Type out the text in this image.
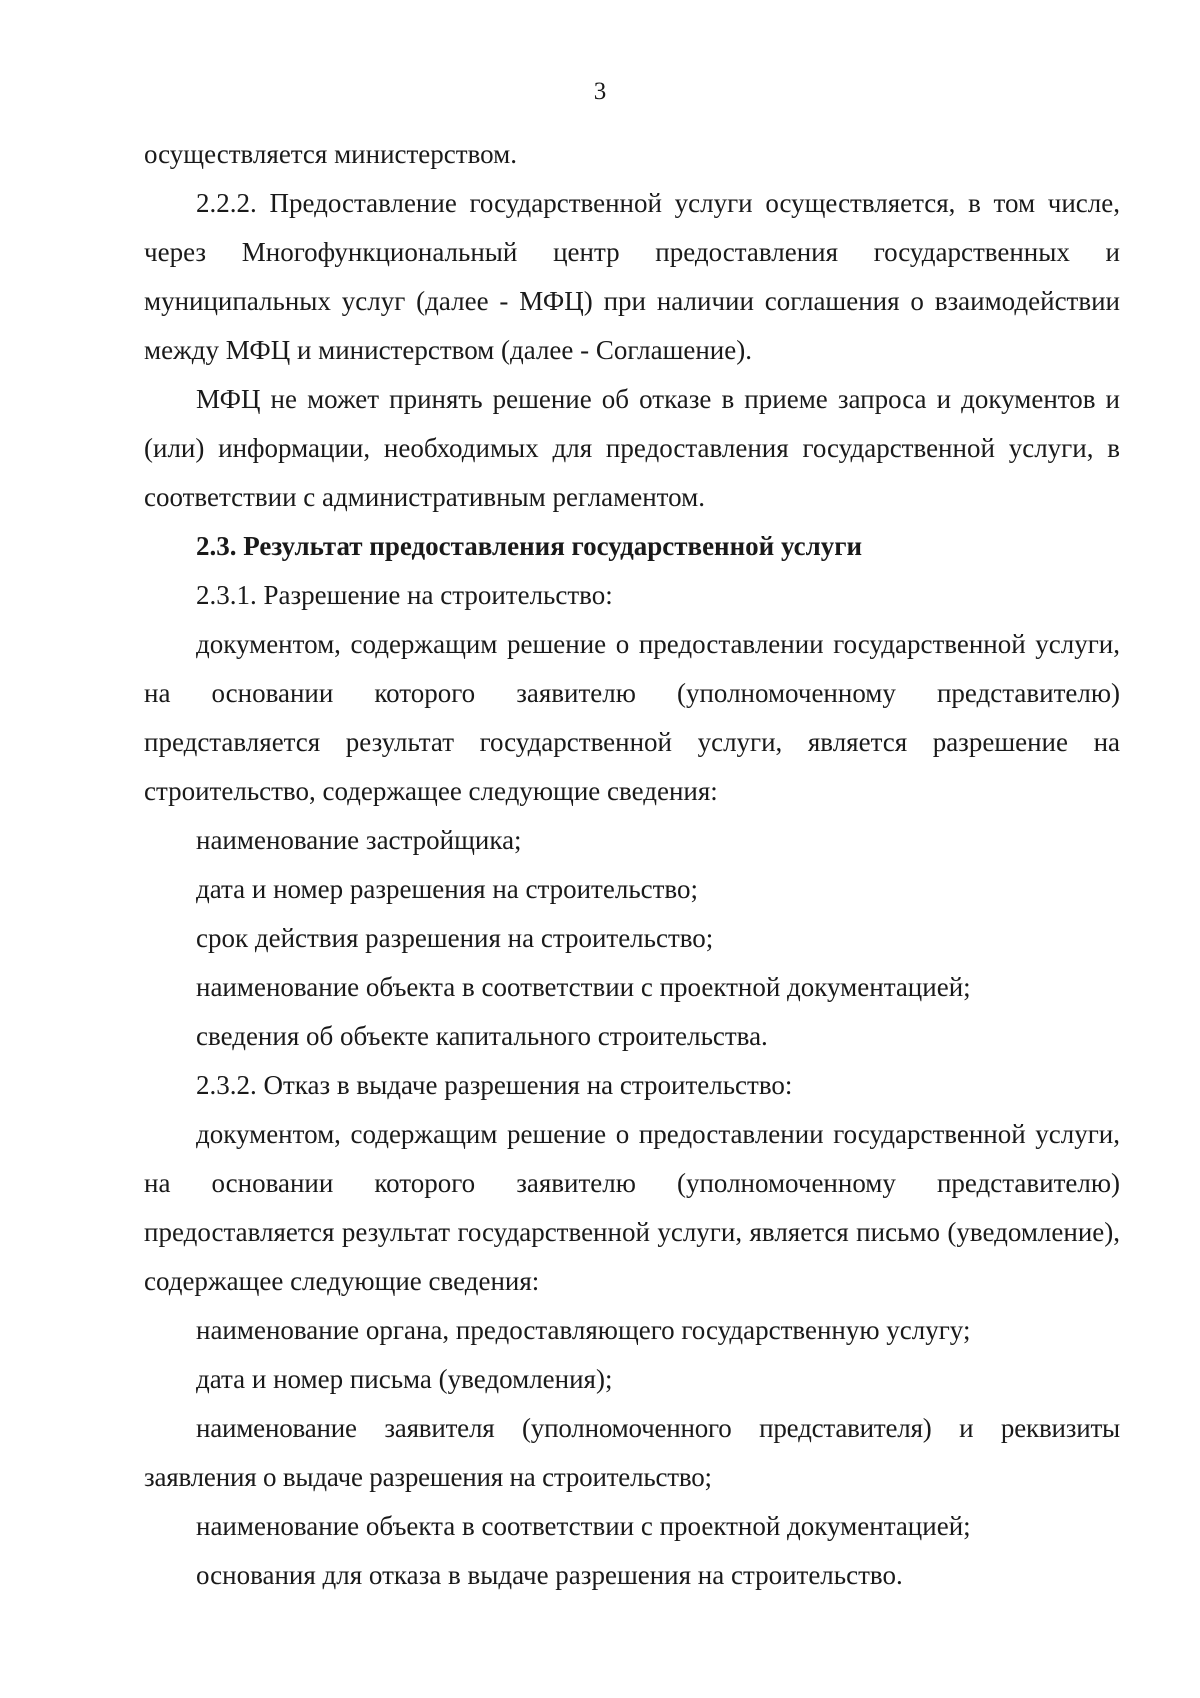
3

осуществляется министерством.

2.2.2. Предоставление государственной услуги осуществляется, в том числе, через Многофункциональный центр предоставления государственных и муниципальных услуг (далее - МФЦ) при наличии соглашения о взаимодействии между МФЦ и министерством (далее - Соглашение).

МФЦ не может принять решение об отказе в приеме запроса и документов и (или) информации, необходимых для предоставления государственной услуги, в соответствии с административным регламентом.

2.3. Результат предоставления государственной услуги

2.3.1. Разрешение на строительство:

документом, содержащим решение о предоставлении государственной услуги, на основании которого заявителю (уполномоченному представителю) представляется результат государственной услуги, является разрешение на строительство, содержащее следующие сведения:

наименование застройщика;

дата и номер разрешения на строительство;

срок действия разрешения на строительство;

наименование объекта в соответствии с проектной документацией;

сведения об объекте капитального строительства.

2.3.2. Отказ в выдаче разрешения на строительство:

документом, содержащим решение о предоставлении государственной услуги, на основании которого заявителю (уполномоченному представителю) предоставляется результат государственной услуги, является письмо (уведомление), содержащее следующие сведения:

наименование органа, предоставляющего государственную услугу;

дата и номер письма (уведомления);

наименование заявителя (уполномоченного представителя) и реквизиты заявления о выдаче разрешения на строительство;

наименование объекта в соответствии с проектной документацией;

основания для отказа в выдаче разрешения на строительство.
